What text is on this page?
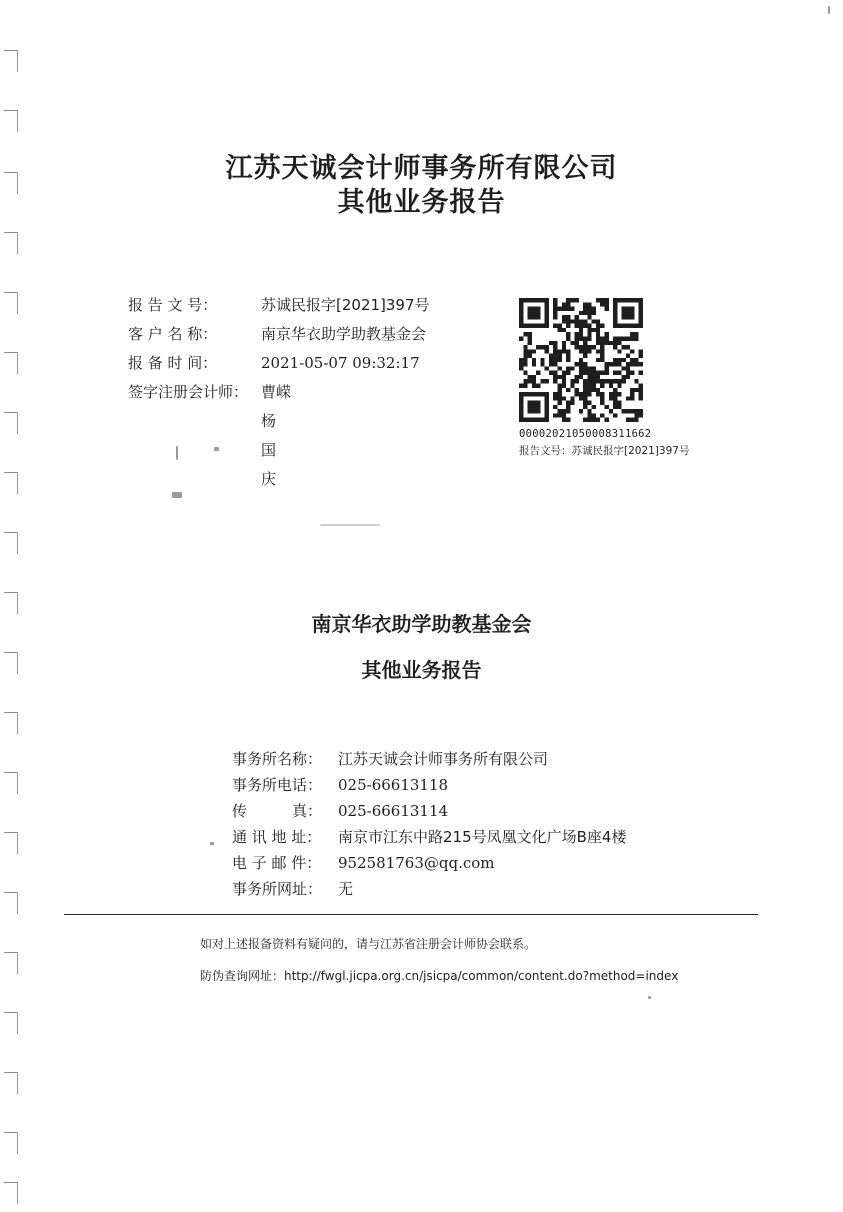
江苏天诚会计师事务所有限公司
其他业务报告
报 告 文 号：	苏诚民报字[2021]397号
客 户 名 称：	南京华衣助学助教基金会
报 备 时 间：	2021-05-07 09:32:17
签字注册会计师： 曹嵘
杨国庆
00002021050008311662
报告文号：苏诚民报字[2021]397号
南京华衣助学助教基金会
其他业务报告
事务所名称： 江苏天诚会计师事务所有限公司
事务所电话： 025-66613118
传　　　真： 025-66613114
通 讯 地 址： 南京市江东中路215号凤凰文化广场B座4楼
电 子 邮 件： 952581763@qq.com
事务所网址： 无
如对上述报备资料有疑问的，请与江苏省注册会计师协会联系。
防伪查询网址：http://fwgl.jicpa.org.cn/jsicpa/common/content.do?method=index
